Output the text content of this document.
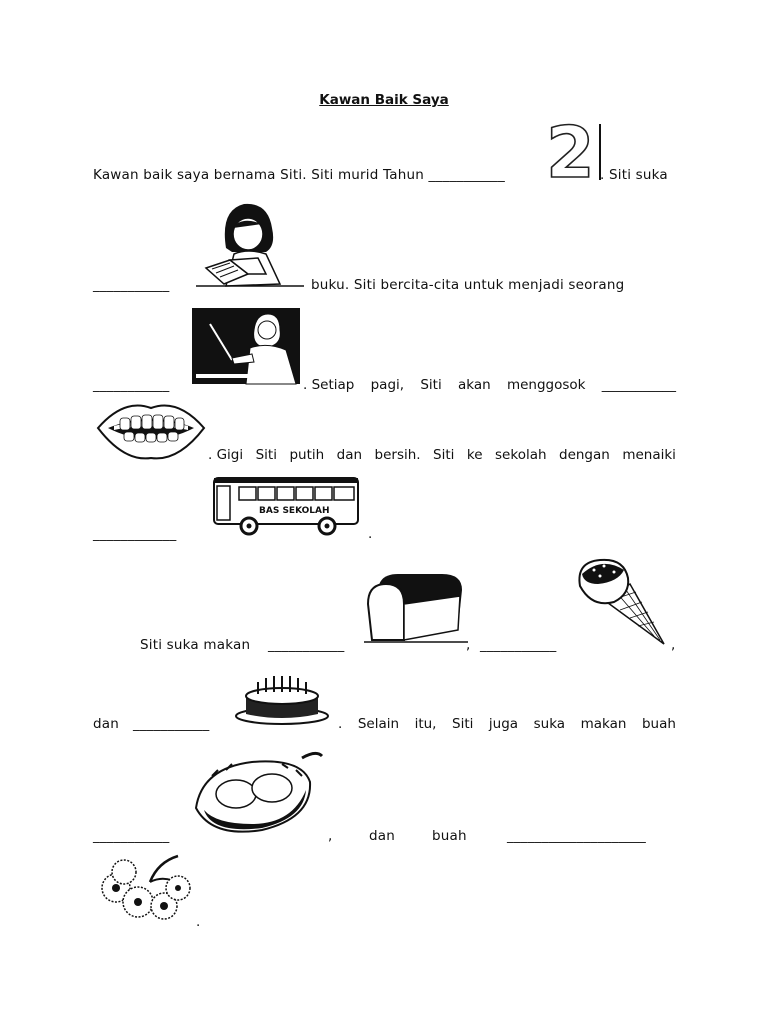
Kawan Baik Saya
Kawan baik saya bernama Siti. Siti murid Tahun ___________ 2 . Siti suka
___________	buku. Siti bercita-cita untuk menjadi seorang
___________	. Setiap pagi, Siti akan menggosok ___________
. Gigi Siti putih dan bersih. Siti ke sekolah dengan menaiki
BAS SEKOLAH
____________	.
Siti suka makan ___________	, ___________	,
dan ___________	. Selain itu, Siti juga suka makan buah
___________	,	dan	buah	____________________
.
